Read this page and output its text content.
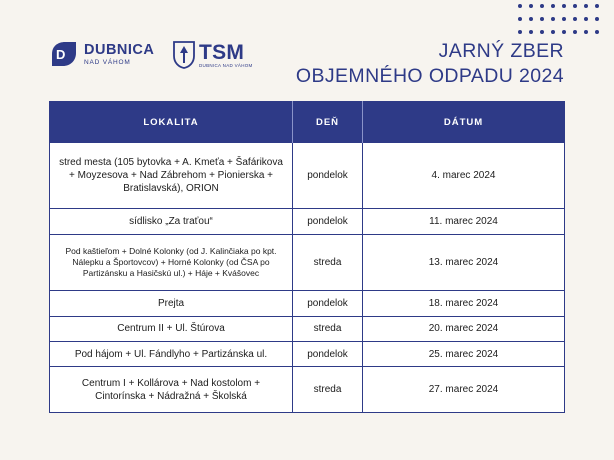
D DUBNICA
NAD VÁHOM	TSM
DUBNICA NAD VÁHOM
JARNÝ ZBER
OBJEMNÉHO ODPADU 2024
LOKALITA	DEŇ	DÁTUM
stred mesta (105 bytovka + A. Kmeťa + Šafárikova + Moyzesova + Nad Zábrehom + Pionierska + Bratislavská), ORION	pondelok	4. marec 2024
sídlisko „Za traťou“	pondelok	11. marec 2024
Pod kaštieľom + Dolné Kolonky (od J. Kalinčiaka po kpt. Nálepku a Športovcov) + Horné Kolonky (od ČSA po Partizánsku a Hasičskú ul.) + Háje + Kvášovec	streda	13. marec 2024
Prejta	pondelok	18. marec 2024
Centrum II + Ul. Štúrova	streda	20. marec 2024
Pod hájom + Ul. Fándlyho + Partizánska ul.	pondelok	25. marec 2024
Centrum I + Kollárova + Nad kostolom + Cintorínska + Nádražná + Školská	streda	27. marec 2024
